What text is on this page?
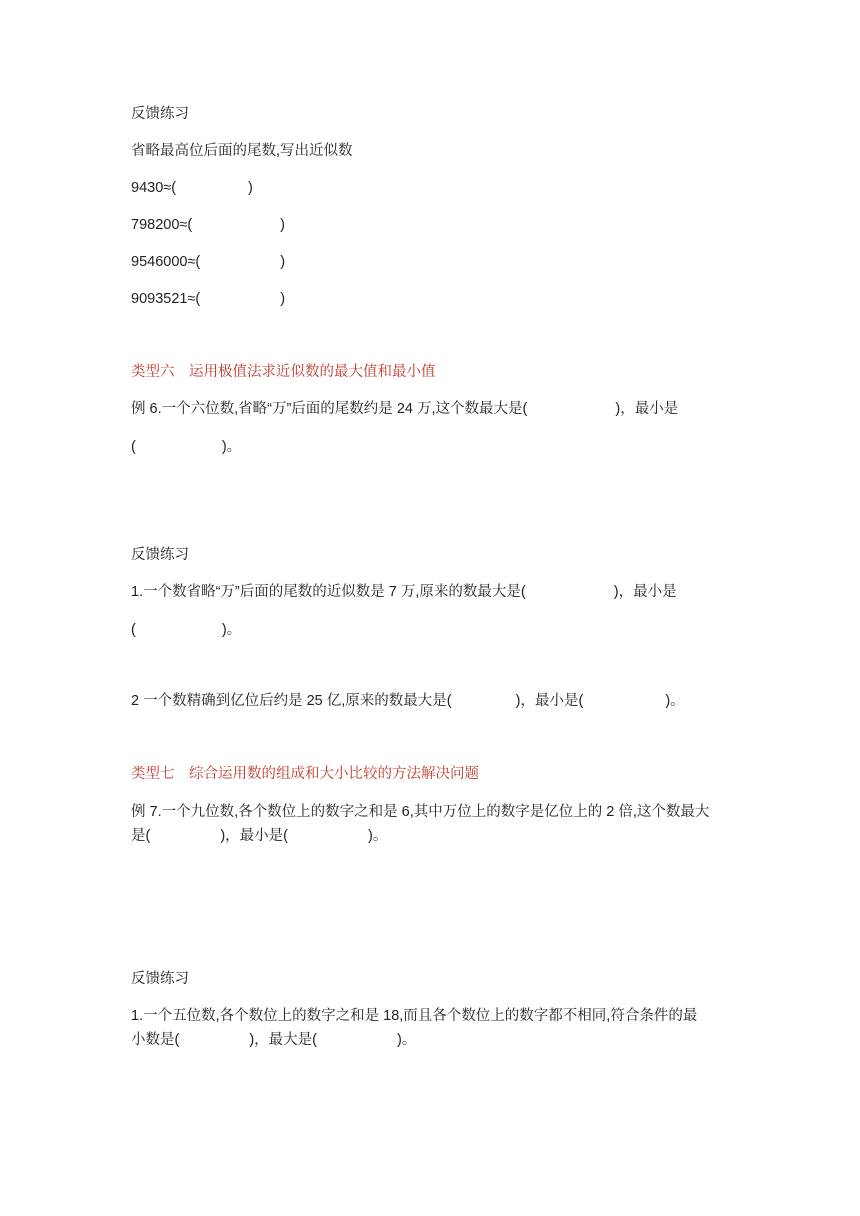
反馈练习
省略最高位后面的尾数,写出近似数
9430≈(	)
798200≈(	)
9546000≈(	)
9093521≈(	)
类型六　运用极值法求近似数的最大值和最小值
例 6.一个六位数,省略“万”后面的尾数约是 24 万,这个数最大是(	)，最小是
(	)。
反馈练习
1.一个数省略“万”后面的尾数的近似数是 7 万,原来的数最大是(	)，最小是
(	)。
2 一个数精确到亿位后约是 25 亿,原来的数最大是(	)，最小是(	)。
类型七　综合运用数的组成和大小比较的方法解决问题
例 7.一个九位数,各个数位上的数字之和是 6,其中万位上的数字是亿位上的 2 倍,这个数最大
是(	)，最小是(	)。
反馈练习
1.一个五位数,各个数位上的数字之和是 18,而且各个数位上的数字都不相同,符合条件的最
小数是(	)，最大是(	)。
